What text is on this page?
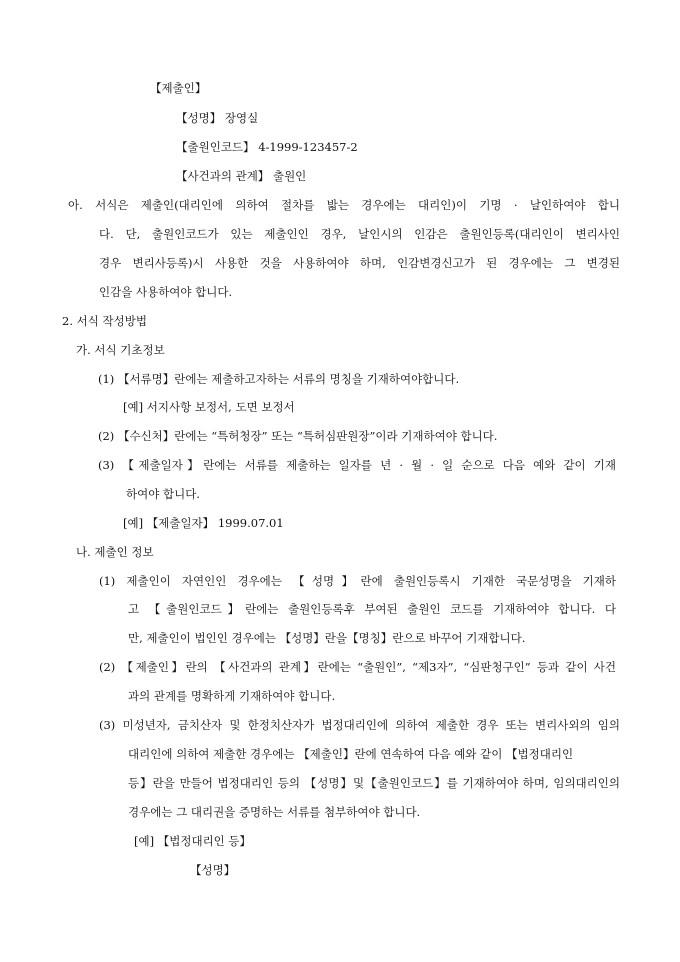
【제출인】
【성명】 장영실
【출원인코드】 4-1999-123457-2
【사건과의 관계】 출원인
아. 서식은 제출인(대리인에 의하여 절차를 밟는 경우에는 대리인)이 기명 · 날인하여야 합니
다. 단, 출원인코드가 있는 제출인인 경우, 날인시의 인감은 출원인등록(대리인이 변리사인
경우 변리사등록)시 사용한 것을 사용하여야 하며, 인감변경신고가 된 경우에는 그 변경된
인감을 사용하여야 합니다.
2. 서식 작성방법
가. 서식 기초정보
(1) 【서류명】란에는 제출하고자하는 서류의 명칭을 기재하여야합니다.
[예] 서지사항 보정서, 도면 보정서
(2) 【수신처】란에는 “특허청장” 또는 “특허심판원장”이라 기재하여야 합니다.
(3) 【제출일자】란에는 서류를 제출하는 일자를 년 · 월 · 일 순으로 다음 예와 같이 기재
하여야 합니다.
[예] 【제출일자】 1999.07.01
나. 제출인 정보
(1) 제출인이 자연인인 경우에는 【성명】란에 출원인등록시 기재한 국문성명을 기재하
고 【출원인코드】란에는 출원인등록후 부여된 출원인 코드를 기재하여야 합니다. 다
만, 제출인이 법인인 경우에는 【성명】란을【명칭】란으로 바꾸어 기재합니다.
(2) 【제출인】란의 【사건과의 관계】란에는 “출원인”, “제3자”, “심판청구인” 등과 같이 사건
과의 관계를 명확하게 기재하여야 합니다.
(3) 미성년자, 금치산자 및 한정치산자가 법정대리인에 의하여 제출한 경우 또는 변리사외의 임의
대리인에 의하여 제출한 경우에는 【제출인】란에 연속하여 다음 예와 같이 【법정대리인
등】란을 만들어 법정대리인 등의 【성명】및【출원인코드】를 기재하여야 하며, 임의대리인의
경우에는 그 대리권을 증명하는 서류를 첨부하여야 합니다.
[예] 【법정대리인 등】
【성명】
